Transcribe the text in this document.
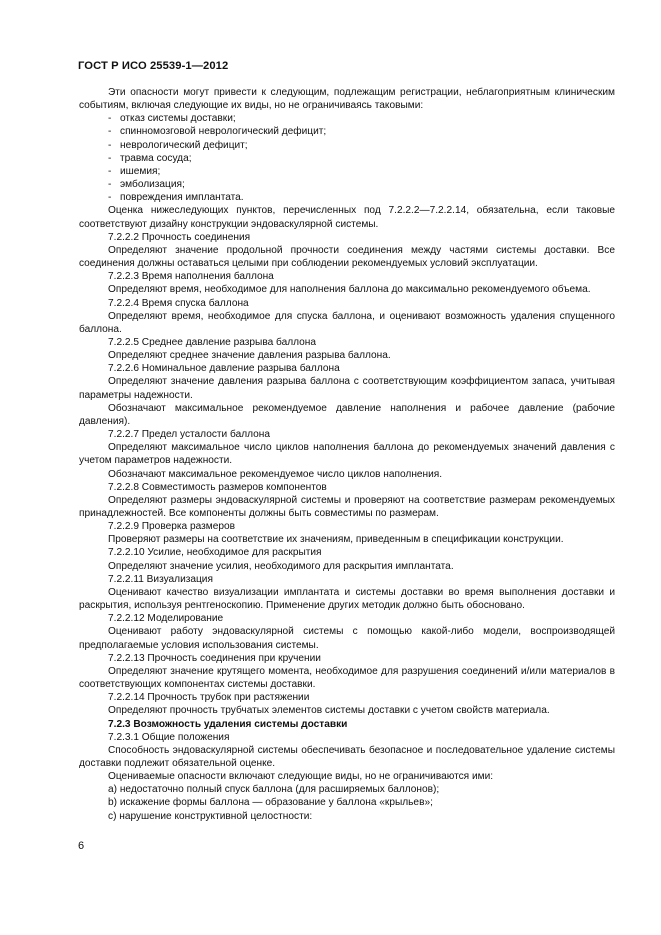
ГОСТ Р ИСО 25539-1—2012
Эти опасности могут привести к следующим, подлежащим регистрации, неблагоприятным клиническим событиям, включая следующие их виды, но не ограничиваясь таковыми:
- отказ системы доставки;
- спинномозговой неврологический дефицит;
- неврологический дефицит;
- травма сосуда;
- ишемия;
- эмболизация;
- повреждения имплантата.
Оценка нижеследующих пунктов, перечисленных под 7.2.2.2—7.2.2.14, обязательна, если таковые соответствуют дизайну конструкции эндоваскулярной системы.
7.2.2.2 Прочность соединения
Определяют значение продольной прочности соединения между частями системы доставки. Все соединения должны оставаться целыми при соблюдении рекомендуемых условий эксплуатации.
7.2.2.3 Время наполнения баллона
Определяют время, необходимое для наполнения баллона до максимально рекомендуемого объема.
7.2.2.4 Время спуска баллона
Определяют время, необходимое для спуска баллона, и оценивают возможность удаления спущенного баллона.
7.2.2.5 Среднее давление разрыва баллона
Определяют среднее значение давления разрыва баллона.
7.2.2.6 Номинальное давление разрыва баллона
Определяют значение давления разрыва баллона с соответствующим коэффициентом запаса, учитывая параметры надежности.
Обозначают максимальное рекомендуемое давление наполнения и рабочее давление (рабочие давления).
7.2.2.7 Предел усталости баллона
Определяют максимальное число циклов наполнения баллона до рекомендуемых значений давления с учетом параметров надежности.
Обозначают максимальное рекомендуемое число циклов наполнения.
7.2.2.8 Совместимость размеров компонентов
Определяют размеры эндоваскулярной системы и проверяют на соответствие размерам рекомендуемых принадлежностей. Все компоненты должны быть совместимы по размерам.
7.2.2.9 Проверка размеров
Проверяют размеры на соответствие их значениям, приведенным в спецификации конструкции.
7.2.2.10 Усилие, необходимое для раскрытия
Определяют значение усилия, необходимого для раскрытия имплантата.
7.2.2.11 Визуализация
Оценивают качество визуализации имплантата и системы доставки во время выполнения доставки и раскрытия, используя рентгеноскопию. Применение других методик должно быть обосновано.
7.2.2.12 Моделирование
Оценивают работу эндоваскулярной системы с помощью какой-либо модели, воспроизводящей предполагаемые условия использования системы.
7.2.2.13 Прочность соединения при кручении
Определяют значение крутящего момента, необходимое для разрушения соединений и/или материалов в соответствующих компонентах системы доставки.
7.2.2.14 Прочность трубок при растяжении
Определяют прочность трубчатых элементов системы доставки с учетом свойств материала.
7.2.3 Возможность удаления системы доставки
7.2.3.1 Общие положения
Способность эндоваскулярной системы обеспечивать безопасное и последовательное удаление системы доставки подлежит обязательной оценке.
Оцениваемые опасности включают следующие виды, но не ограничиваются ими:
a) недостаточно полный спуск баллона (для расширяемых баллонов);
b) искажение формы баллона — образование у баллона «крыльев»;
c) нарушение конструктивной целостности:
6
